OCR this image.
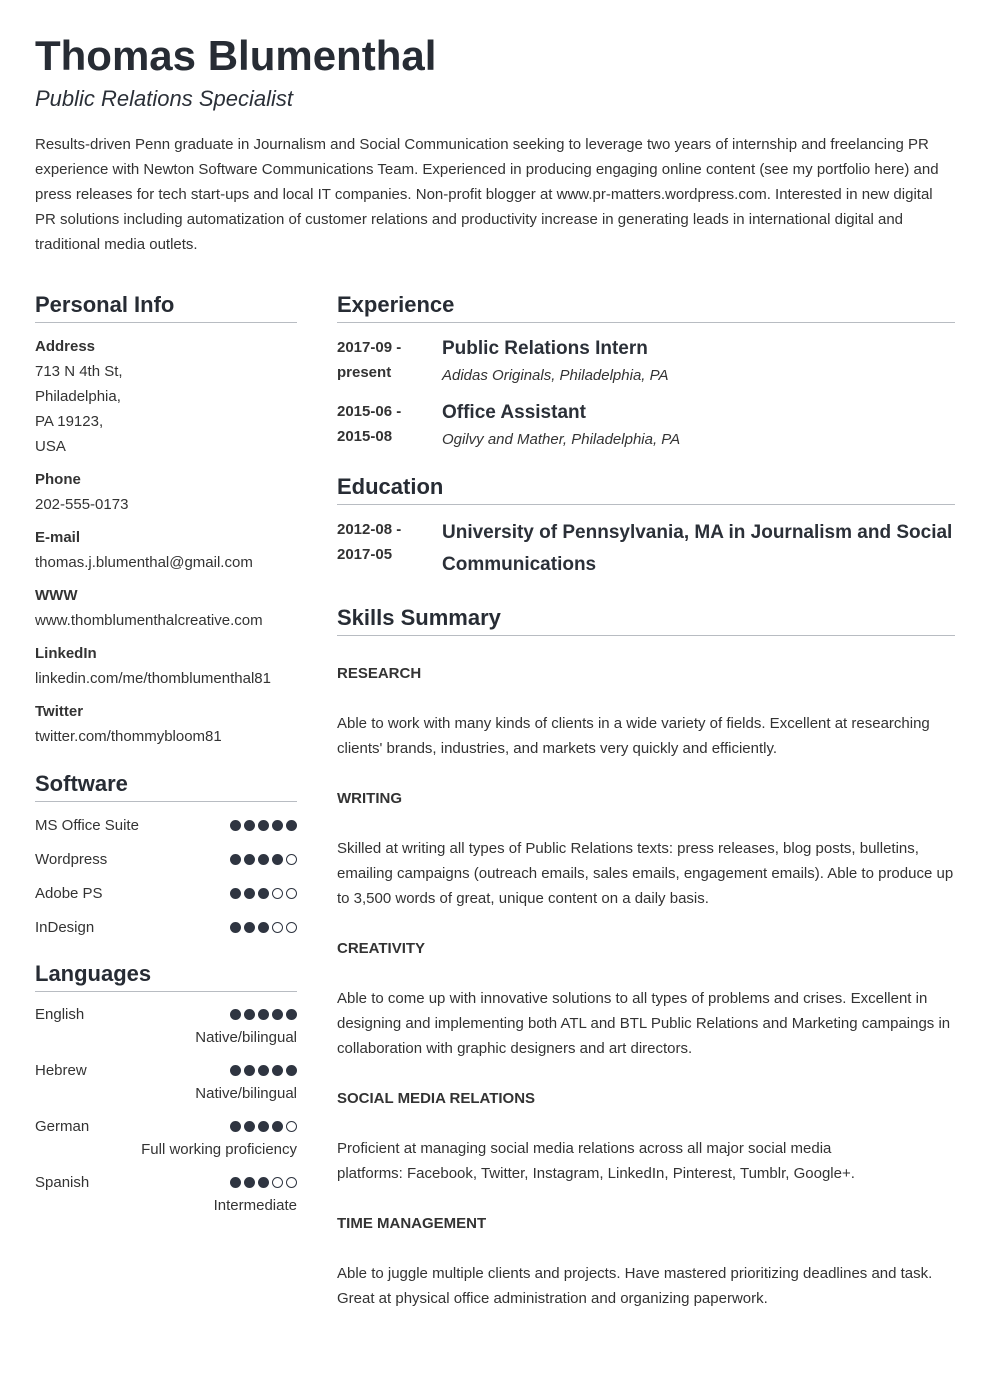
Thomas Blumenthal
Public Relations Specialist
Results-driven Penn graduate in Journalism and Social Communication seeking to leverage two years of internship and freelancing PR experience with Newton Software Communications Team. Experienced in producing engaging online content (see my portfolio here) and press releases for tech start-ups and local IT companies. Non-profit blogger at www.pr-matters.wordpress.com. Interested in new digital PR solutions including automatization of customer relations and productivity increase in generating leads in international digital and traditional media outlets.
Personal Info
Address
713 N 4th St,
Philadelphia,
PA 19123,
USA
Phone
202-555-0173
E-mail
thomas.j.blumenthal@gmail.com
WWW
www.thomblumenthalcreative.com
LinkedIn
linkedin.com/me/thomblumenthal81
Twitter
twitter.com/thommybloom81
Software
MS Office Suite
Wordpress
Adobe PS
InDesign
Languages
English
Native/bilingual
Hebrew
Native/bilingual
German
Full working proficiency
Spanish
Intermediate
Experience
2017-09 -
present
Public Relations Intern
Adidas Originals, Philadelphia, PA
2015-06 -
2015-08
Office Assistant
Ogilvy and Mather, Philadelphia, PA
Education
2012-08 -
2017-05
University of Pennsylvania, MA in Journalism and Social Communications
Skills Summary
RESEARCH
Able to work with many kinds of clients in a wide variety of fields. Excellent at researching clients' brands, industries, and markets very quickly and efficiently.
WRITING
Skilled at writing all types of Public Relations texts: press releases, blog posts, bulletins, emailing campaigns (outreach emails, sales emails, engagement emails). Able to produce up to 3,500 words of great, unique content on a daily basis.
CREATIVITY
Able to come up with innovative solutions to all types of problems and crises. Excellent in designing and implementing both ATL and BTL Public Relations and Marketing campaings in collaboration with graphic designers and art directors.
SOCIAL MEDIA RELATIONS
Proficient at managing social media relations across all major social media platforms: Facebook, Twitter, Instagram, LinkedIn, Pinterest, Tumblr, Google+.
TIME MANAGEMENT
Able to juggle multiple clients and projects. Have mastered prioritizing deadlines and task. Great at physical office administration and organizing paperwork.
